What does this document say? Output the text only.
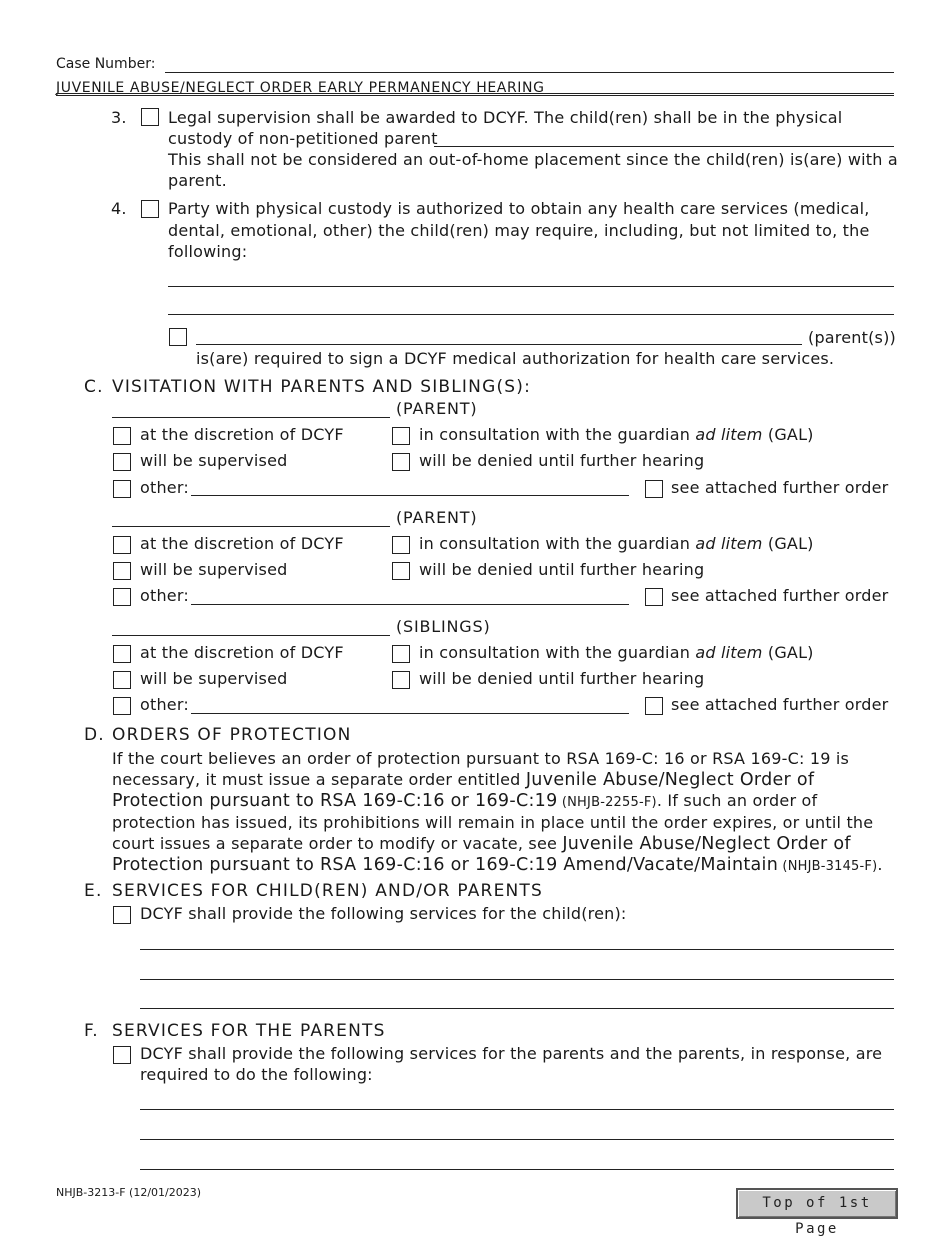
Case Number:
JUVENILE ABUSE/NEGLECT ORDER EARLY PERMANENCY HEARING
3.	Legal supervision shall be awarded to DCYF. The child(ren) shall be in the physical
custody of non-petitioned parent
This shall not be considered an out-of-home placement since the child(ren) is(are) with a
parent.
4.	Party with physical custody is authorized to obtain any health care services (medical,
dental, emotional, other) the child(ren) may require, including, but not limited to, the
following:
(parent(s))
is(are) required to sign a DCYF medical authorization for health care services.
C. VISITATION WITH PARENTS AND SIBLING(S):
(PARENT)
at the discretion of DCYF	in consultation with the guardian ad litem (GAL)
will be supervised	will be denied until further hearing
other:	see attached further order
(PARENT)
at the discretion of DCYF	in consultation with the guardian ad litem (GAL)
will be supervised	will be denied until further hearing
other:	see attached further order
(SIBLINGS)
at the discretion of DCYF	in consultation with the guardian ad litem (GAL)
will be supervised	will be denied until further hearing
other:	see attached further order
D. ORDERS OF PROTECTION
If the court believes an order of protection pursuant to RSA 169-C: 16 or RSA 169-C: 19 is
necessary, it must issue a separate order entitled Juvenile Abuse/Neglect Order of
Protection pursuant to RSA 169-C:16 or 169-C:19 (NHJB-2255-F). If such an order of
protection has issued, its prohibitions will remain in place until the order expires, or until the
court issues a separate order to modify or vacate, see Juvenile Abuse/Neglect Order of
Protection pursuant to RSA 169-C:16 or 169-C:19 Amend/Vacate/Maintain (NHJB-3145-F).
E. SERVICES FOR CHILD(REN) AND/OR PARENTS
DCYF shall provide the following services for the child(ren):
F. SERVICES FOR THE PARENTS
DCYF shall provide the following services for the parents and the parents, in response, are
required to do the following:
NHJB-3213-F (12/01/2023)
Top of 1st Page
